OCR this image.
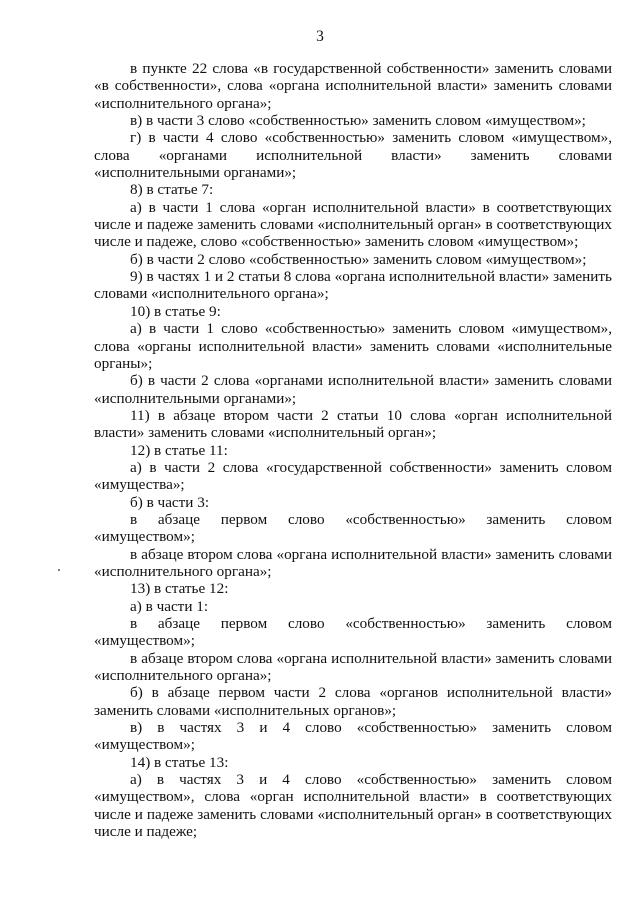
3

в пункте 22 слова «в государственной собственности» заменить словами «в собственности», слова «органа исполнительной власти» заменить словами «исполнительного органа»;

в) в части 3 слово «собственностью» заменить словом «имуществом»;

г) в части 4 слово «собственностью» заменить словом «имуществом», слова «органами исполнительной власти» заменить словами «исполнительными органами»;

8) в статье 7:

а) в части 1 слова «орган исполнительной власти» в соответствующих числе и падеже заменить словами «исполнительный орган» в соответствующих числе и падеже, слово «собственностью» заменить словом «имуществом»;

б) в части 2 слово «собственностью» заменить словом «имуществом»;

9) в частях 1 и 2 статьи 8 слова «органа исполнительной власти» заменить словами «исполнительного органа»;

10) в статье 9:

а) в части 1 слово «собственностью» заменить словом «имуществом», слова «органы исполнительной власти» заменить словами «исполнительные органы»;

б) в части 2 слова «органами исполнительной власти» заменить словами «исполнительными органами»;

11) в абзаце втором части 2 статьи 10 слова «орган исполнительной власти» заменить словами «исполнительный орган»;

12) в статье 11:

а) в части 2 слова «государственной собственности» заменить словом «имущества»;

б) в части 3:

в абзаце первом слово «собственностью» заменить словом «имуществом»;

в абзаце втором слова «органа исполнительной власти» заменить словами «исполнительного органа»;

13) в статье 12:

а) в части 1:

в абзаце первом слово «собственностью» заменить словом «имуществом»;

в абзаце втором слова «органа исполнительной власти» заменить словами «исполнительного органа»;

б) в абзаце первом части 2 слова «органов исполнительной власти» заменить словами «исполнительных органов»;

в) в частях 3 и 4 слово «собственностью» заменить словом «имуществом»;

14) в статье 13:

а) в частях 3 и 4 слово «собственностью» заменить словом «имуществом», слова «орган исполнительной власти» в соответствующих числе и падеже заменить словами «исполнительный орган» в соответствующих числе и падеже;
